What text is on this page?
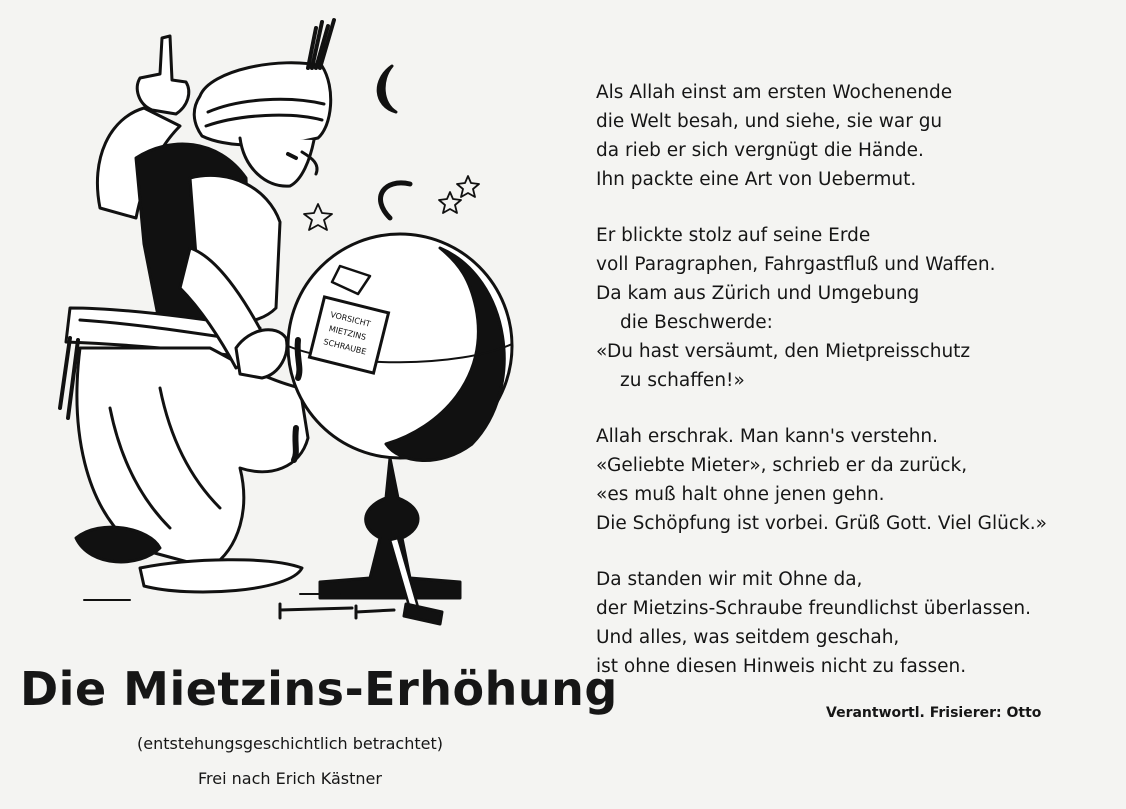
VORSICHT
MIETZINS
SCHRAUBE
Die Mietzins-Erhöhung
(entstehungsgeschichtlich betrachtet)
Frei nach Erich Kästner
Als Allah einst am ersten Wochenende
die Welt besah, und siehe, sie war gu
da rieb er sich vergnügt die Hände.
Ihn packte eine Art von Uebermut.
Er blickte stolz auf seine Erde
voll Paragraphen, Fahrgastfluß und Waffen.
Da kam aus Zürich und Umgebung
die Beschwerde:
«Du hast versäumt, den Mietpreisschutz
zu schaffen!»
Allah erschrak. Man kann's verstehn.
«Geliebte Mieter», schrieb er da zurück,
«es muß halt ohne jenen gehn.
Die Schöpfung ist vorbei. Grüß Gott. Viel Glück.»
Da standen wir mit Ohne da,
der Mietzins-Schraube freundlichst überlassen.
Und alles, was seitdem geschah,
ist ohne diesen Hinweis nicht zu fassen.
Verantwortl. Frisierer: Otto
